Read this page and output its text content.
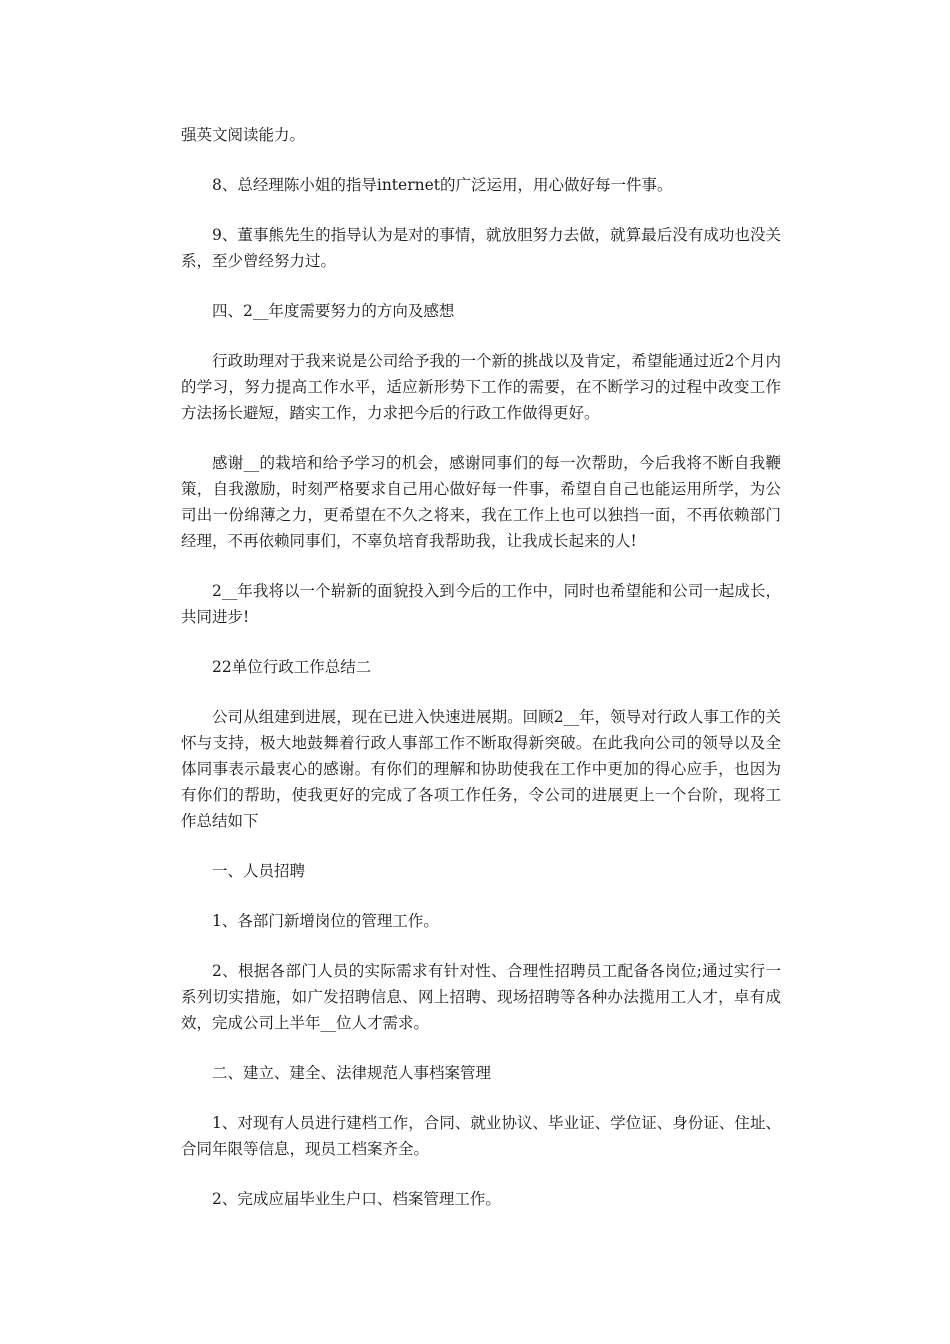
强英文阅读能力。

8、总经理陈小姐的指导internet的广泛运用，用心做好每一件事。

9、董事熊先生的指导认为是对的事情，就放胆努力去做，就算最后没有成功也没关系，至少曾经努力过。

四、2__年度需要努力的方向及感想

行政助理对于我来说是公司给予我的一个新的挑战以及肯定，希望能通过近2个月内的学习，努力提高工作水平，适应新形势下工作的需要，在不断学习的过程中改变工作方法扬长避短，踏实工作，力求把今后的行政工作做得更好。

感谢__的栽培和给予学习的机会，感谢同事们的每一次帮助，今后我将不断自我鞭策，自我激励，时刻严格要求自己用心做好每一件事，希望自自己也能运用所学，为公司出一份绵薄之力，更希望在不久之将来，我在工作上也可以独挡一面，不再依赖部门经理，不再依赖同事们，不辜负培育我帮助我，让我成长起来的人!

2__年我将以一个崭新的面貌投入到今后的工作中，同时也希望能和公司一起成长，共同进步!

22单位行政工作总结二

公司从组建到进展，现在已进入快速进展期。回顾2__年，领导对行政人事工作的关怀与支持，极大地鼓舞着行政人事部工作不断取得新突破。在此我向公司的领导以及全体同事表示最衷心的感谢。有你们的理解和协助使我在工作中更加的得心应手，也因为有你们的帮助，使我更好的完成了各项工作任务，令公司的进展更上一个台阶，现将工作总结如下

一、人员招聘

1、各部门新增岗位的管理工作。

2、根据各部门人员的实际需求有针对性、合理性招聘员工配备各岗位;通过实行一系列切实措施，如广发招聘信息、网上招聘、现场招聘等各种办法揽用工人才，卓有成效，完成公司上半年__位人才需求。

二、建立、建全、法律规范人事档案管理

1、对现有人员进行建档工作，合同、就业协议、毕业证、学位证、身份证、住址、合同年限等信息，现员工档案齐全。

2、完成应届毕业生户口、档案管理工作。
